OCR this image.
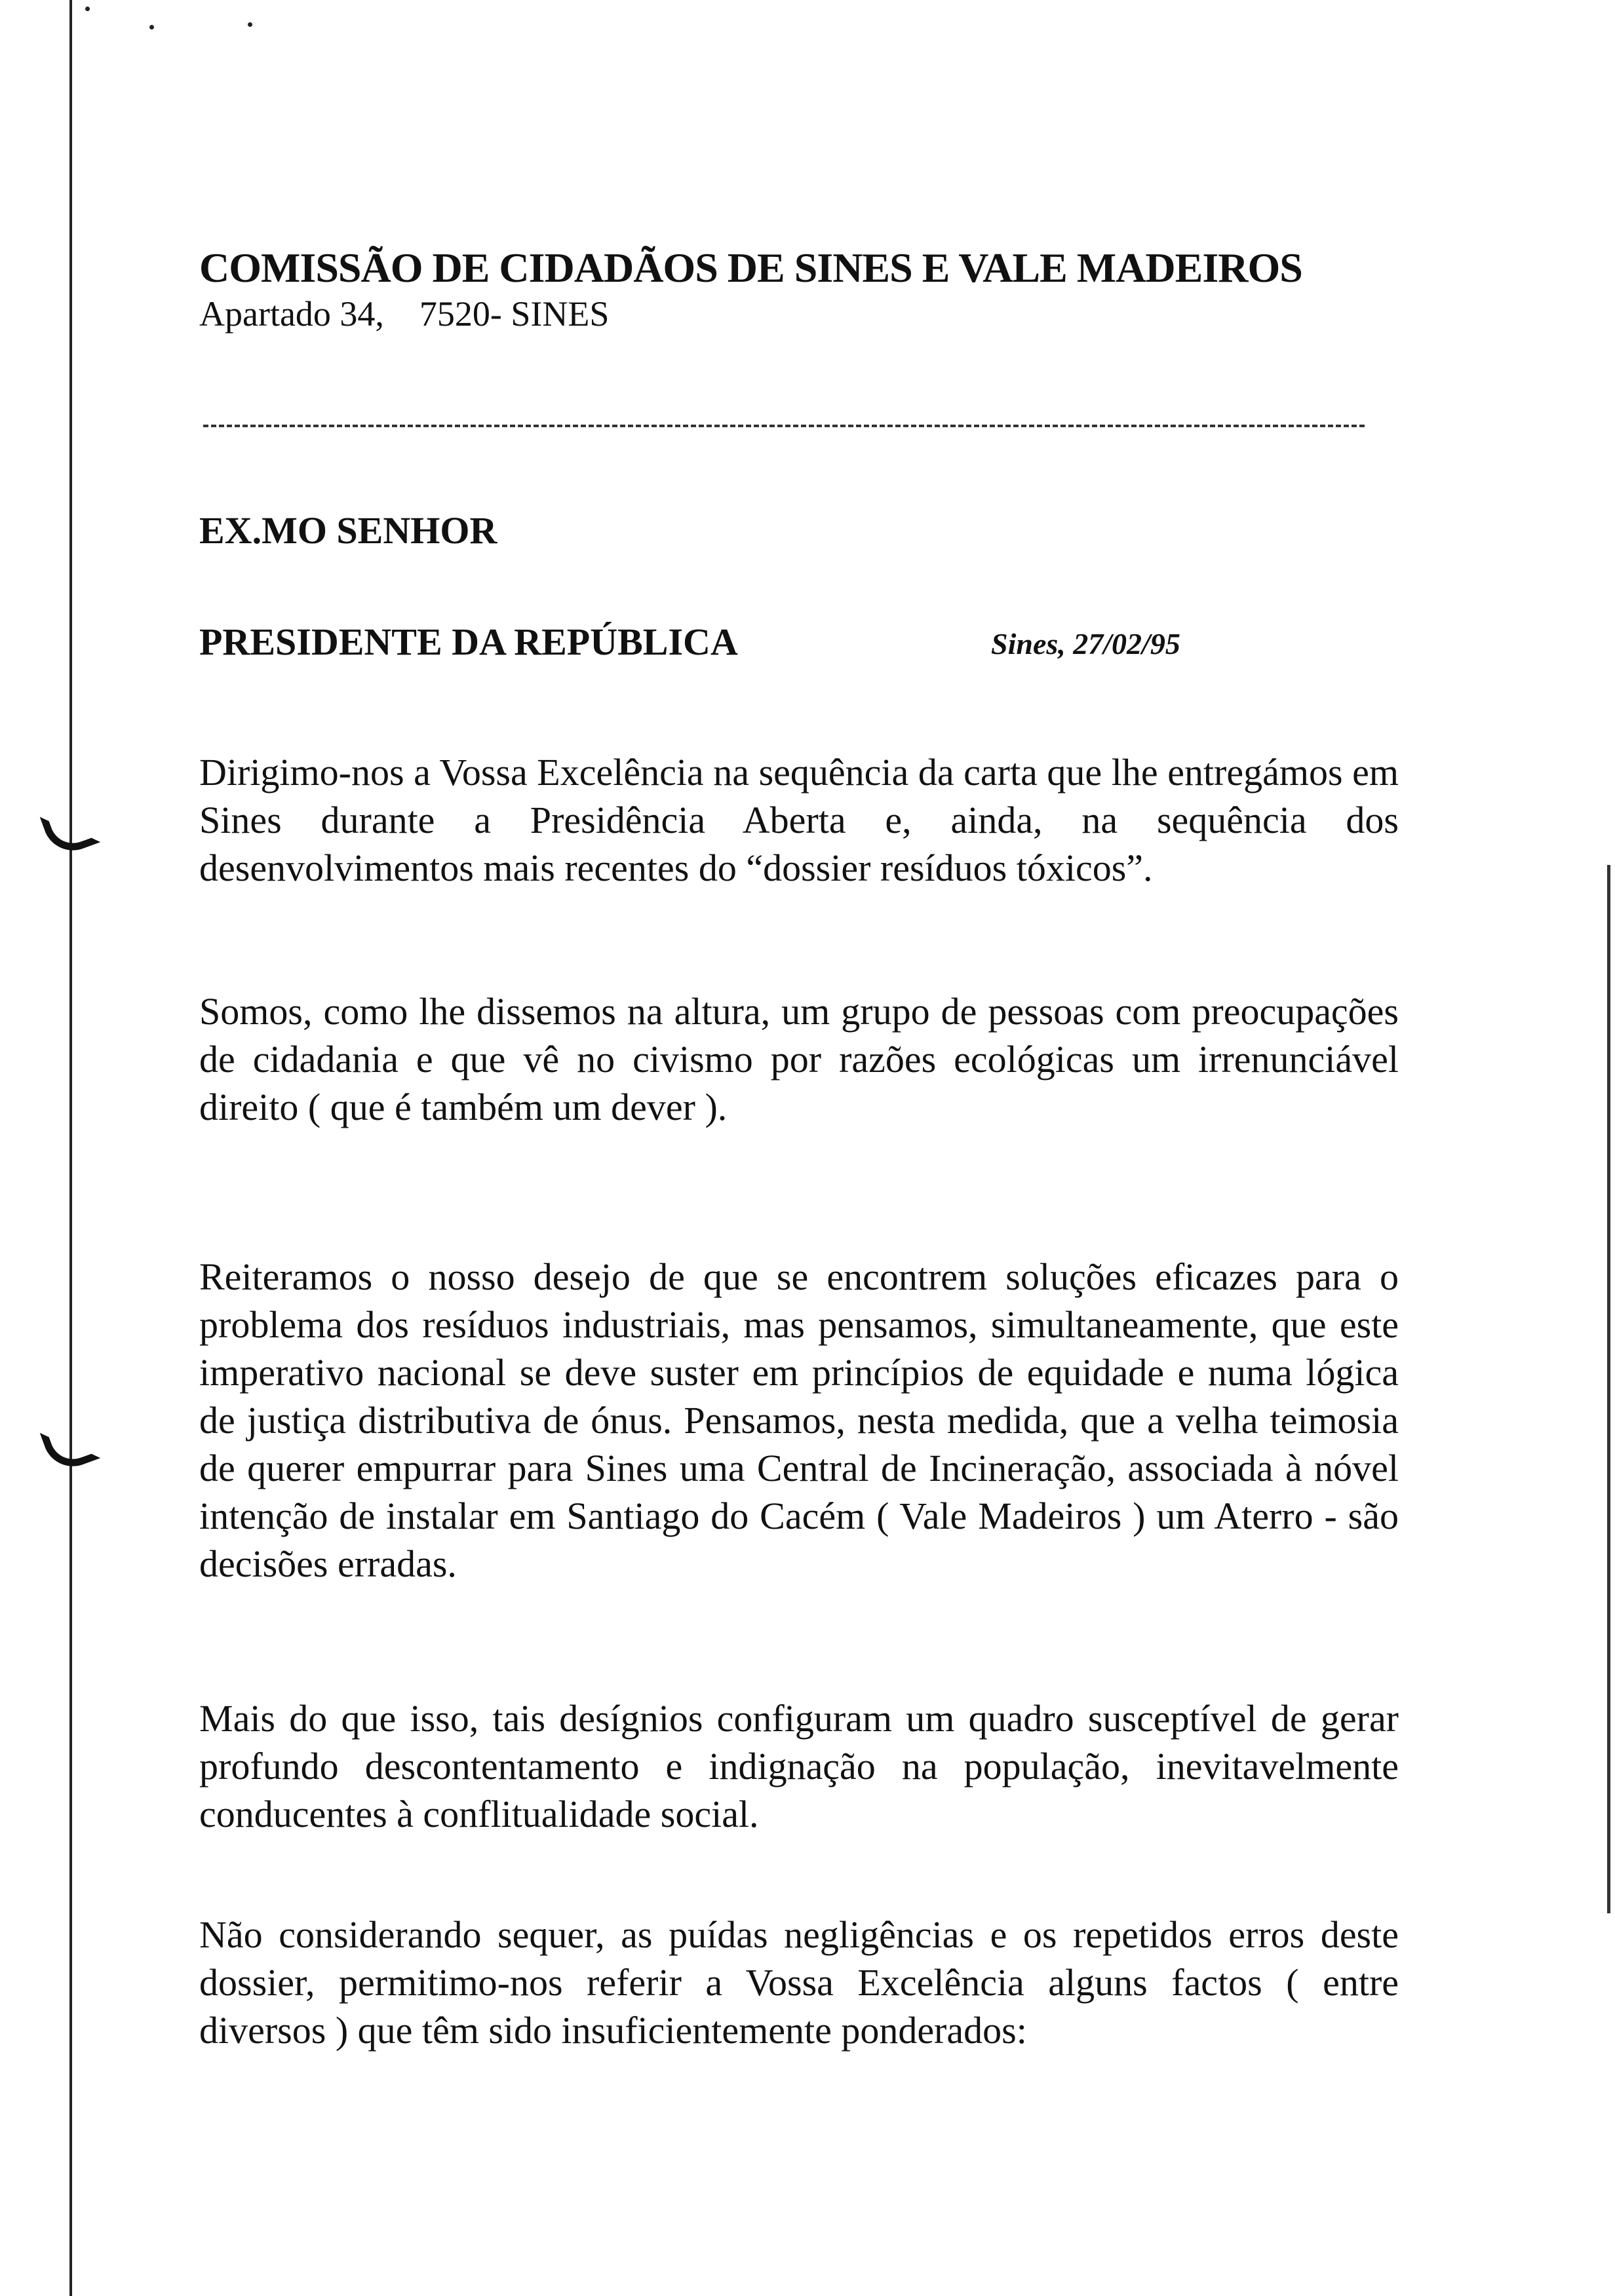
COMISSÃO DE CIDADÃOS DE SINES E VALE MADEIROS
Apartado 34,    7520- SINES
EX.MO SENHOR
PRESIDENTE DA REPÚBLICA	Sines, 27/02/95

Dirigimo-nos a Vossa Excelência na sequência da carta que lhe entregámos em Sines durante a Presidência Aberta e, ainda, na sequência dos desenvolvimentos mais recentes do “dossier resíduos tóxicos”.

Somos, como lhe dissemos na altura, um grupo de pessoas com preocupações de cidadania e que vê no civismo por razões ecológicas um irrenunciável direito ( que é também um dever ).

Reiteramos o nosso desejo de que se encontrem soluções eficazes para o problema dos resíduos industriais, mas pensamos, simultaneamente, que este imperativo nacional se deve suster em princípios de equidade e numa lógica de justiça distributiva de ónus. Pensamos, nesta medida, que a velha teimosia de querer empurrar para Sines uma Central de Incineração, associada à nóvel intenção de instalar em Santiago do Cacém ( Vale Madeiros ) um Aterro - são decisões erradas.

Mais do que isso, tais desígnios configuram um quadro susceptível de gerar profundo descontentamento e indignação na população, inevitavelmente conducentes à conflitualidade social.

Não considerando sequer, as puídas negligências e os repetidos erros deste dossier, permitimo-nos referir a Vossa Excelência alguns factos ( entre diversos ) que têm sido insuficientemente ponderados:
